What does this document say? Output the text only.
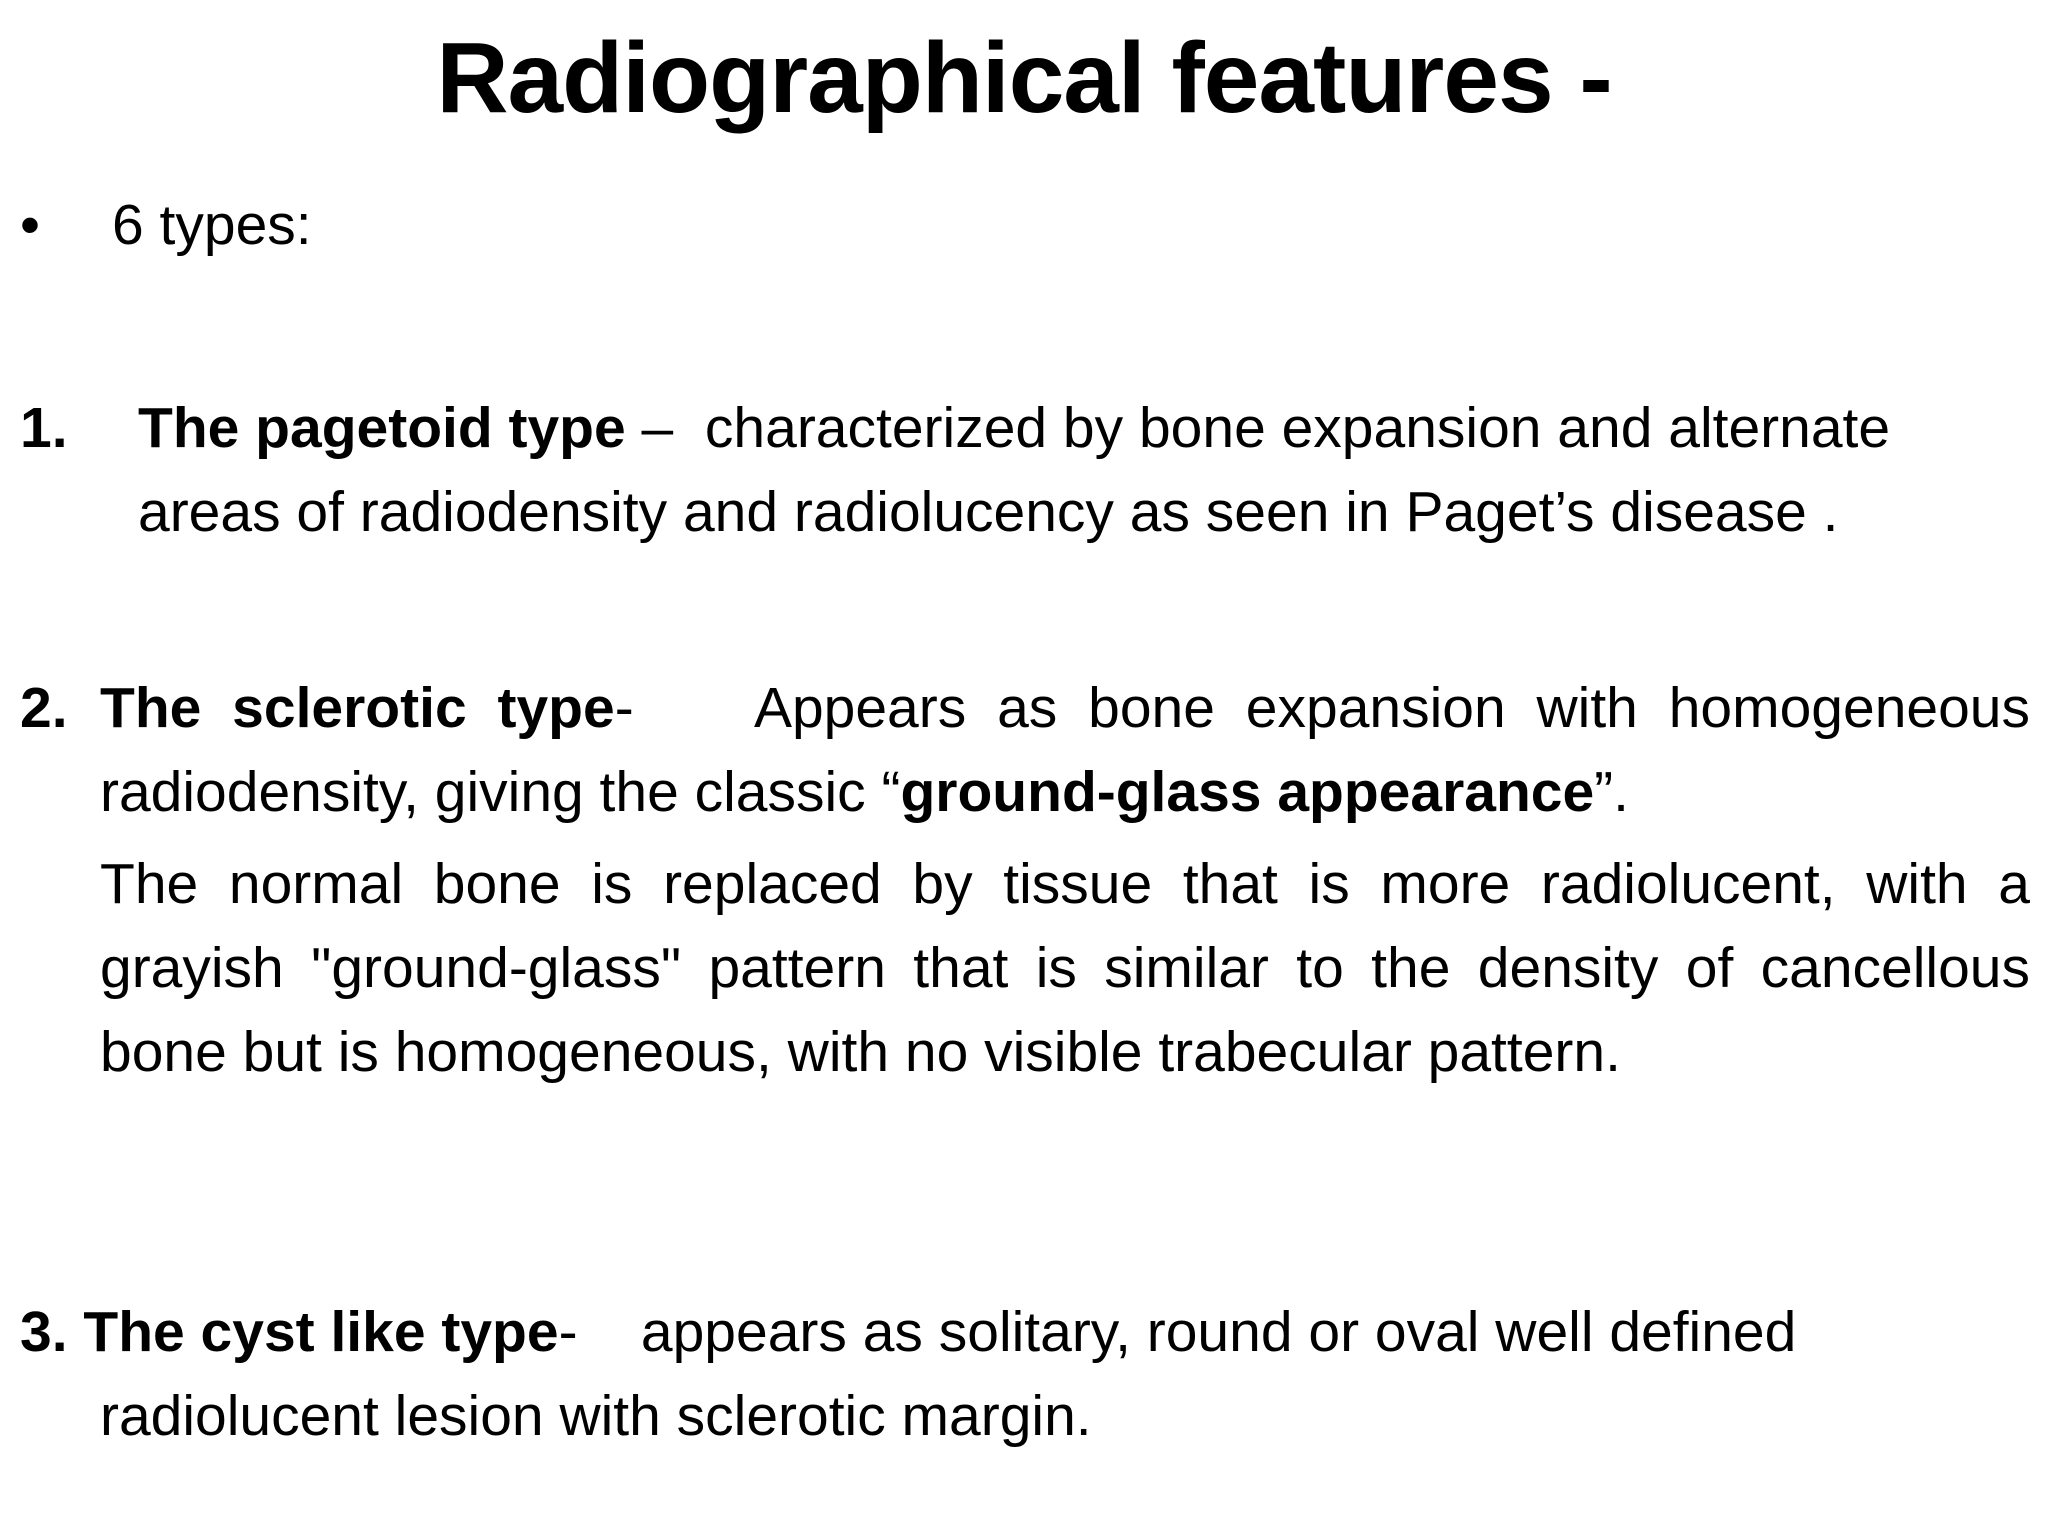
Radiographical features -
• 6 types:
1. The pagetoid type –  characterized by bone expansion and alternate areas of radiodensity and radiolucency as seen in Paget’s disease .
2. The sclerotic type-    Appears as bone expansion with homogeneous radiodensity, giving the classic “ground-glass appearance”.
The normal bone is replaced by tissue that is more radiolucent, with a grayish "ground-glass" pattern that is similar to the density of cancellous bone but is homogeneous, with no visible trabecular pattern.
3. The cyst like type-    appears as solitary, round or oval well defined
radiolucent lesion with sclerotic margin.
